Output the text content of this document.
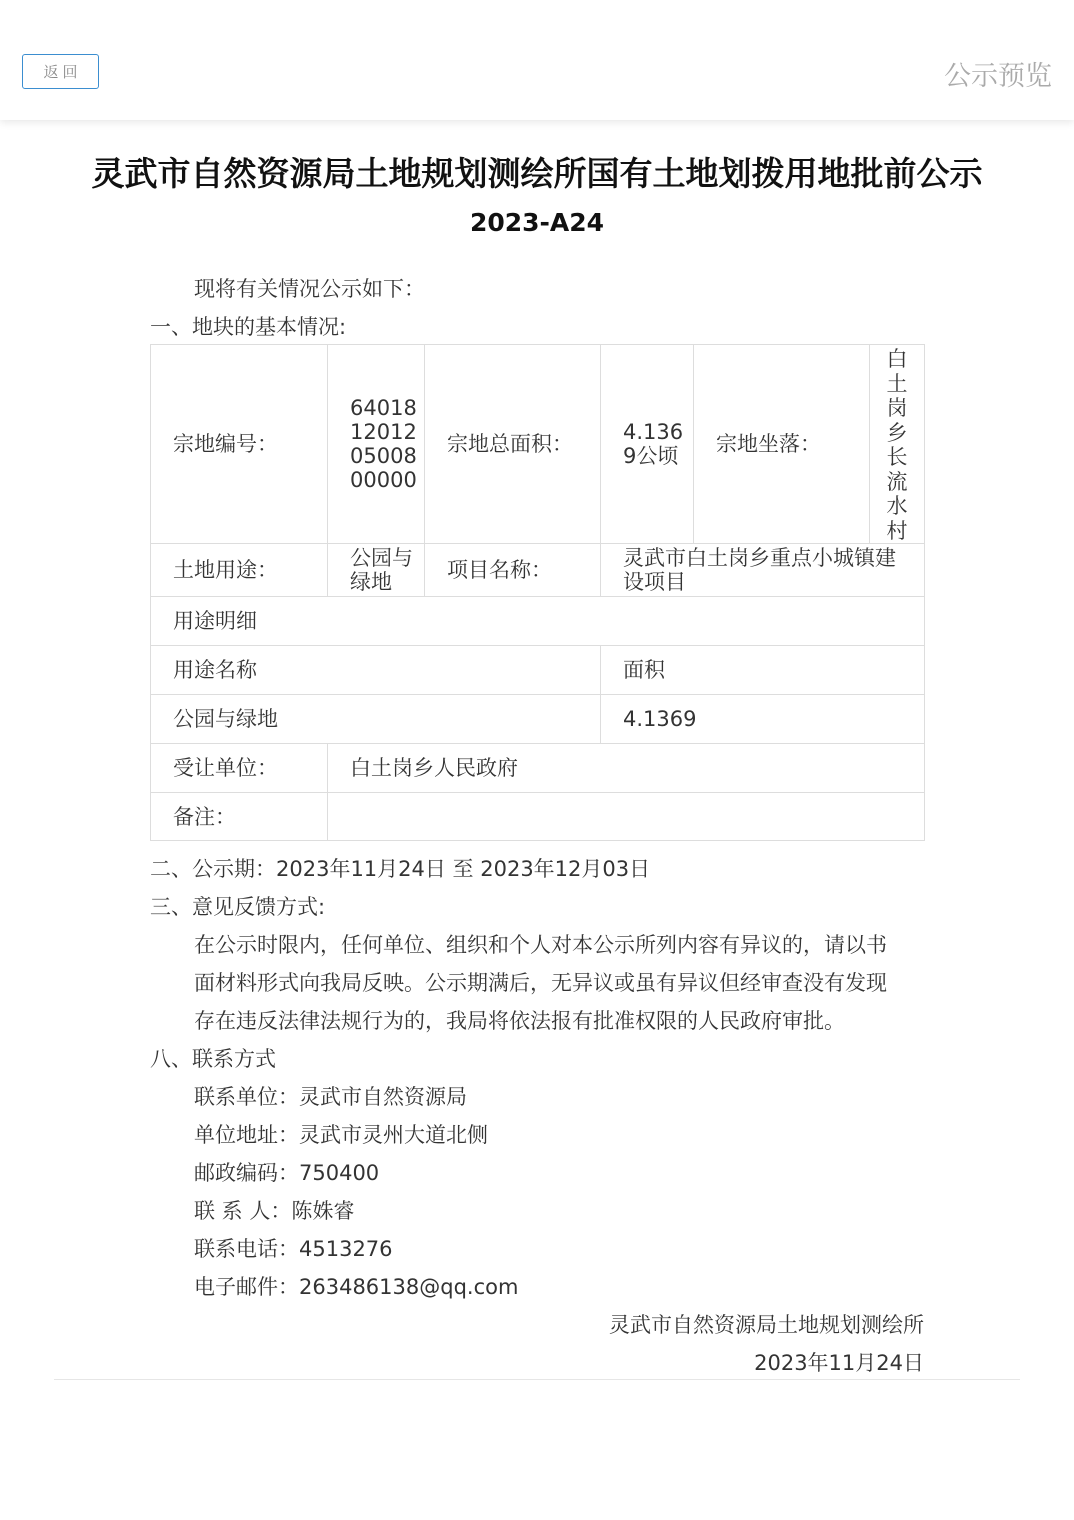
返回	公示预览
灵武市自然资源局土地规划测绘所国有土地划拨用地批前公示
2023-A24
现将有关情况公示如下：
一、地块的基本情况:
宗地编号：	64018120120500800000	宗地总面积：	4.1369公顷	宗地坐落：	白土岗乡长流水村

土地用途：	公园与绿地	项目名称：	灵武市白土岗乡重点小城镇建设项目		
用途明细					
用途名称			面积		
公园与绿地			4.1369		
受让单位：	白土岗乡人民政府				
备注：					
二、公示期：2023年11月24日 至 2023年12月03日
三、意见反馈方式:
在公示时限内，任何单位、组织和个人对本公示所列内容有异议的，请以书
面材料形式向我局反映。公示期满后，无异议或虽有异议但经审查没有发现
存在违反法律法规行为的，我局将依法报有批准权限的人民政府审批。
八、联系方式
联系单位：灵武市自然资源局
单位地址：灵武市灵州大道北侧
邮政编码：750400
联 系 人：陈姝睿
联系电话：4513276
电子邮件：263486138@qq.com
灵武市自然资源局土地规划测绘所
2023年11月24日
